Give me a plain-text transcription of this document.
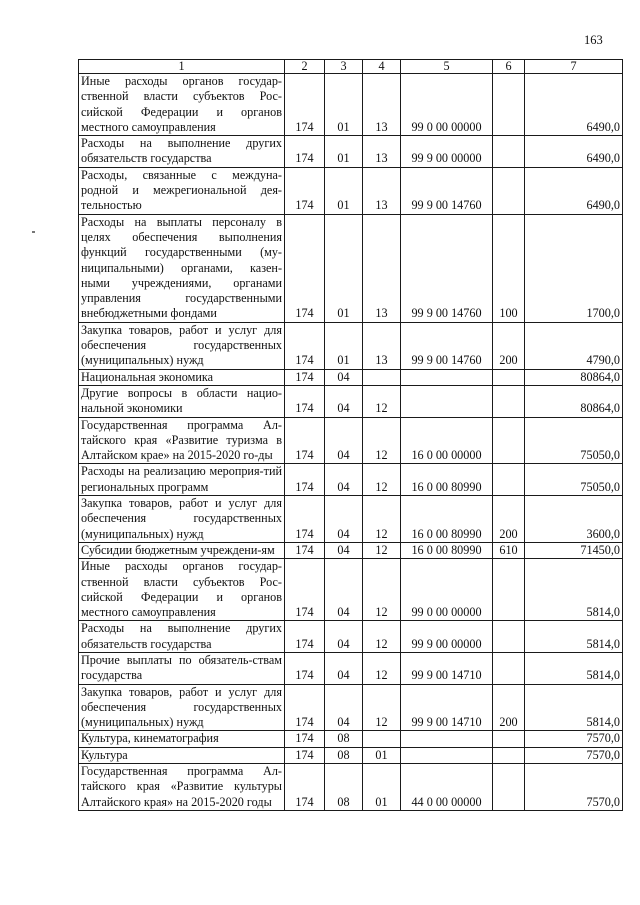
163
1	2	3	4	5	6	7
Иные расходы органов государ-ственной власти субъектов Рос-сийской Федерации и органов местного самоуправления	174	01	13	99 0 00 00000		6490,0
Расходы на выполнение других обязательств государства	174	01	13	99 9 00 00000		6490,0
Расходы, связанные с междуна-родной и межрегиональной дея-тельностью	174	01	13	99 9 00 14760		6490,0
Расходы на выплаты персоналу в целях обеспечения выполнения функций государственными (му-ниципальными) органами, казен-ными учреждениями, органами управления государственными внебюджетными фондами	174	01	13	99 9 00 14760	100	1700,0
Закупка товаров, работ и услуг для обеспечения государственных (муниципальных) нужд	174	01	13	99 9 00 14760	200	4790,0
Национальная экономика	174	04				80864,0
Другие вопросы в области нацио-нальной экономики	174	04	12			80864,0
Государственная программа Ал-тайского края «Развитие туризма в Алтайском крае» на 2015-2020 го-ды	174	04	12	16 0 00 00000		75050,0
Расходы на реализацию мероприя-тий региональных программ	174	04	12	16 0 00 80990		75050,0
Закупка товаров, работ и услуг для обеспечения государственных (муниципальных) нужд	174	04	12	16 0 00 80990	200	3600,0
Субсидии бюджетным учреждени-ям	174	04	12	16 0 00 80990	610	71450,0
Иные расходы органов государ-ственной власти субъектов Рос-сийской Федерации и органов местного самоуправления	174	04	12	99 0 00 00000		5814,0
Расходы на выполнение других обязательств государства	174	04	12	99 9 00 00000		5814,0
Прочие выплаты по обязатель-ствам государства	174	04	12	99 9 00 14710		5814,0
Закупка товаров, работ и услуг для обеспечения государственных (муниципальных) нужд	174	04	12	99 9 00 14710	200	5814,0
Культура, кинематография	174	08				7570,0
Культура	174	08	01			7570,0
Государственная программа Ал-тайского края «Развитие культуры Алтайского края» на 2015-2020 годы	174	08	01	44 0 00 00000		7570,0
